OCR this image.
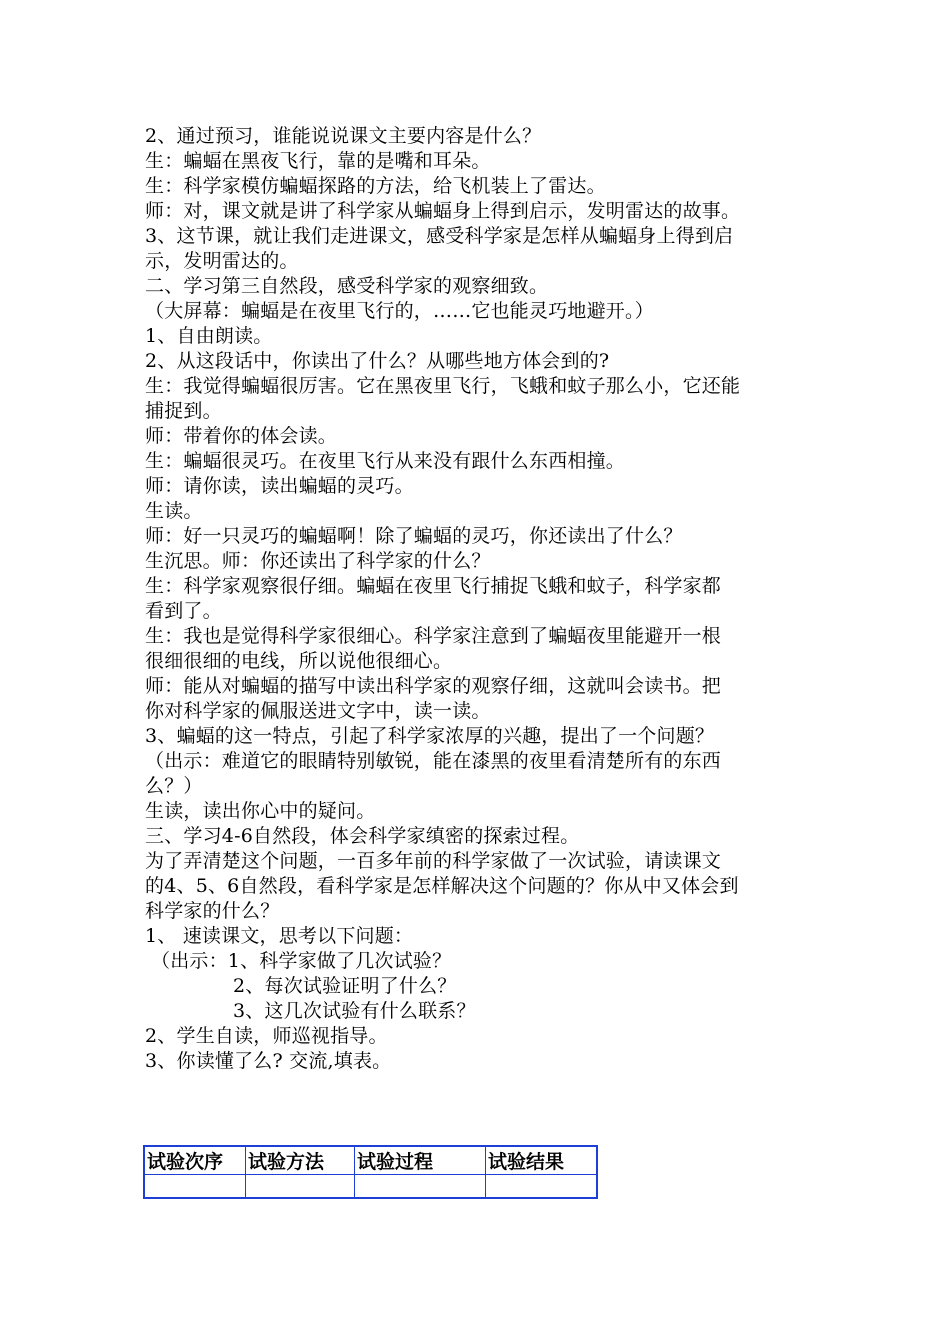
2、通过预习，谁能说说课文主要内容是什么？
生：蝙蝠在黑夜飞行，靠的是嘴和耳朵。
生：科学家模仿蝙蝠探路的方法，给飞机装上了雷达。
师：对，课文就是讲了科学家从蝙蝠身上得到启示，发明雷达的故事。
3、这节课，就让我们走进课文，感受科学家是怎样从蝙蝠身上得到启
示，发明雷达的。
二、学习第三自然段，感受科学家的观察细致。
（大屏幕：蝙蝠是在夜里飞行的，……它也能灵巧地避开。）
1、自由朗读。
2、从这段话中，你读出了什么？从哪些地方体会到的?
生：我觉得蝙蝠很厉害。它在黑夜里飞行，飞蛾和蚊子那么小，它还能
捕捉到。
师：带着你的体会读。
生：蝙蝠很灵巧。在夜里飞行从来没有跟什么东西相撞。
师：请你读，读出蝙蝠的灵巧。
生读。
师：好一只灵巧的蝙蝠啊！除了蝙蝠的灵巧，你还读出了什么？
生沉思。师：你还读出了科学家的什么？
生：科学家观察很仔细。蝙蝠在夜里飞行捕捉飞蛾和蚊子，科学家都
看到了。
生：我也是觉得科学家很细心。科学家注意到了蝙蝠夜里能避开一根
很细很细的电线，所以说他很细心。
师：能从对蝙蝠的描写中读出科学家的观察仔细，这就叫会读书。把
你对科学家的佩服送进文字中，读一读。
3、蝙蝠的这一特点，引起了科学家浓厚的兴趣，提出了一个问题？
（出示：难道它的眼睛特别敏锐，能在漆黑的夜里看清楚所有的东西
么？）
生读，读出你心中的疑问。
三、学习4-6自然段，体会科学家缜密的探索过程。
为了弄清楚这个问题，一百多年前的科学家做了一次试验，请读课文
的4、5、6自然段，看科学家是怎样解决这个问题的？你从中又体会到
科学家的什么？
1、 速读课文，思考以下问题：
（出示：1、科学家做了几次试验？
2、每次试验证明了什么？
3、这几次试验有什么联系？
2、学生自读，师巡视指导。
3、你读懂了么? 交流,填表。
试验次序	试验方法	试验过程	试验结果
